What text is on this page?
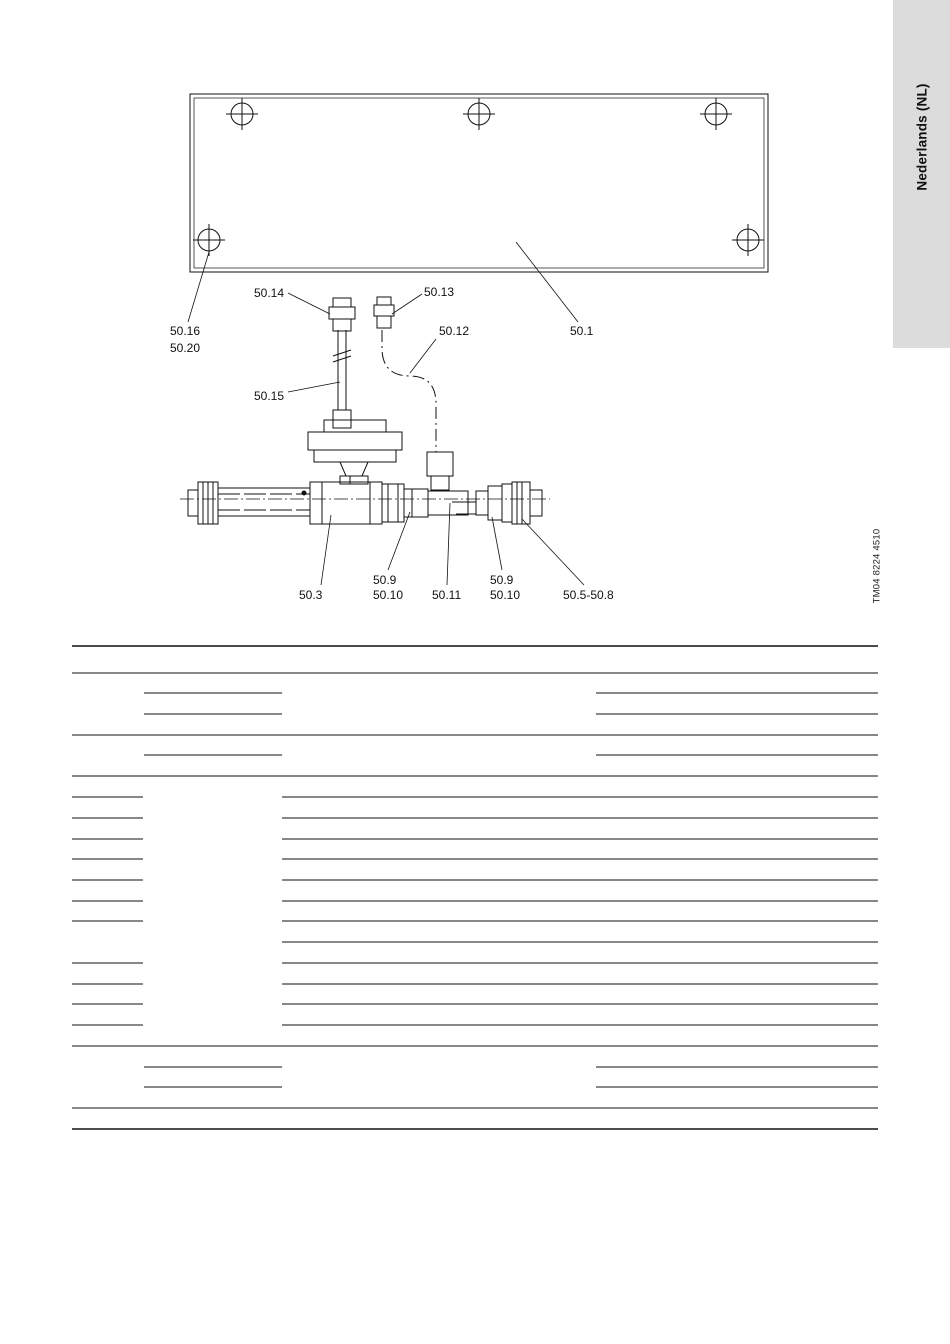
Nederlands (NL)
TM04 8224 4510
50.14	50.13
50.12
50.16
50.20
50.1
50.15
50.3
50.9
50.10 50.11
50.9
50.10	50.5-50.8
